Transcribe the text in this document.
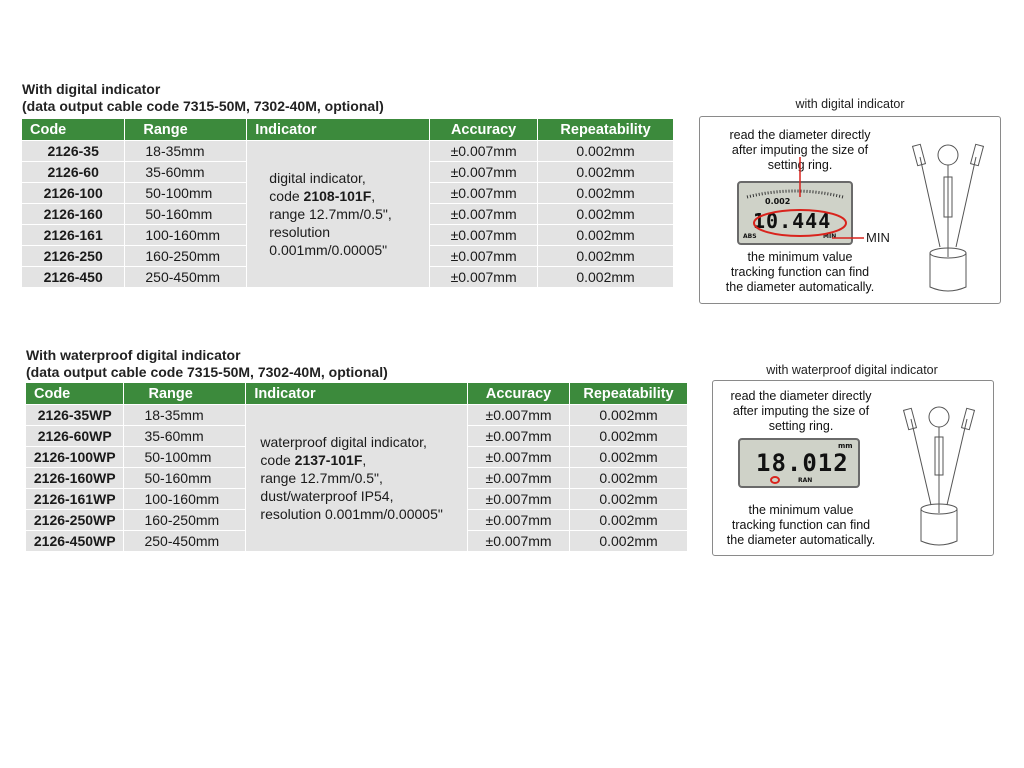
With digital indicator
(data output cable code 7315-50M, 7302-40M, optional)
Code	Range	Indicator	Accuracy	Repeatability
2126-35	18-35mm	digital indicator,
code 2108-101F,
range 12.7mm/0.5",
resolution
0.001mm/0.00005"	±0.007mm	0.002mm
2126-60	35-60mm		±0.007mm	0.002mm
2126-100	50-100mm		±0.007mm	0.002mm
2126-160	50-160mm		±0.007mm	0.002mm
2126-161	100-160mm		±0.007mm	0.002mm
2126-250	160-250mm		±0.007mm	0.002mm
2126-450	250-450mm		±0.007mm	0.002mm
with digital indicator
read the diameter directly
after imputing the size of
setting ring.
0.002
10.444
ABS	MIN MIN
the minimum value
tracking function can find
the diameter automatically.
With waterproof digital indicator
(data output cable code 7315-50M, 7302-40M, optional)
Code	Range	Indicator	Accuracy	Repeatability
2126-35WP	18-35mm	waterproof digital indicator,
code 2137-101F,
range 12.7mm/0.5",
dust/waterproof IP54,
resolution 0.001mm/0.00005"	±0.007mm	0.002mm
2126-60WP	35-60mm		±0.007mm	0.002mm
2126-100WP	50-100mm		±0.007mm	0.002mm
2126-160WP	50-160mm		±0.007mm	0.002mm
2126-161WP	100-160mm		±0.007mm	0.002mm
2126-250WP	160-250mm		±0.007mm	0.002mm
2126-450WP	250-450mm		±0.007mm	0.002mm
with waterproof digital indicator
read the diameter directly
after imputing the size of
setting ring.
mm
18.012
RAN
the minimum value
tracking function can find
the diameter automatically.
